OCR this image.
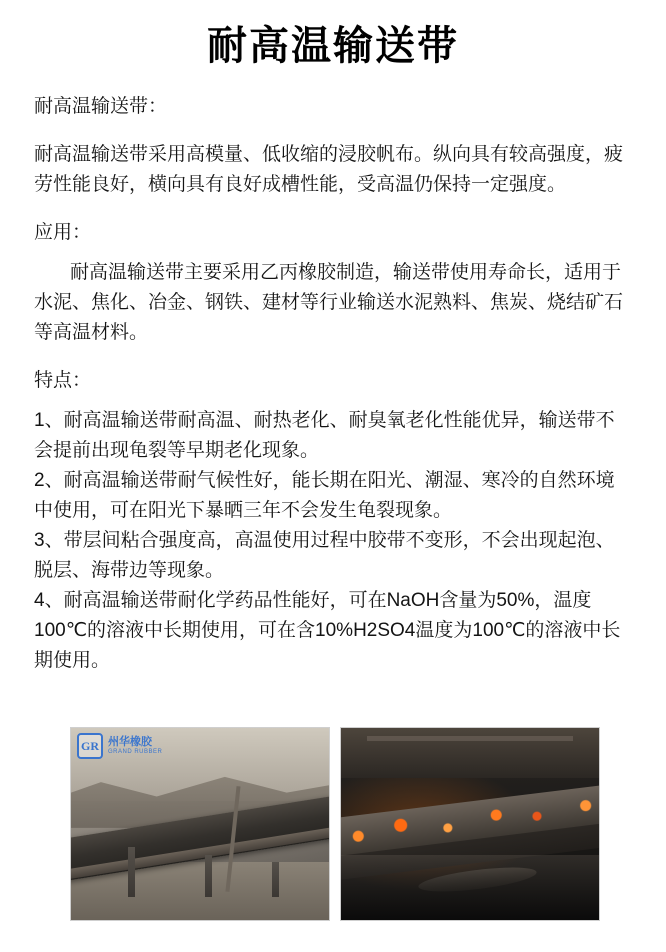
耐高温输送带

耐高温输送带：

耐高温输送带采用高模量、低收缩的浸胶帆布。纵向具有较高强度，疲劳性能良好，横向具有良好成槽性能，受高温仍保持一定强度。

应用：

耐高温输送带主要采用乙丙橡胶制造，输送带使用寿命长，适用于水泥、焦化、冶金、钢铁、建材等行业输送水泥熟料、焦炭、烧结矿石等高温材料。

特点：

1、耐高温输送带耐高温、耐热老化、耐臭氧老化性能优异，输送带不会提前出现龟裂等早期老化现象。

2、耐高温输送带耐气候性好，能长期在阳光、潮湿、寒冷的自然环境中使用，可在阳光下暴晒三年不会发生龟裂现象。

3、带层间粘合强度高，高温使用过程中胶带不变形，不会出现起泡、脱层、海带边等现象。

4、耐高温输送带耐化学药品性能好，可在NaOH含量为50%，温度100℃的溶液中长期使用，可在含10%H2SO4温度为100℃的溶液中长期使用。

GR 州华橡胶
GRAND RUBBER
